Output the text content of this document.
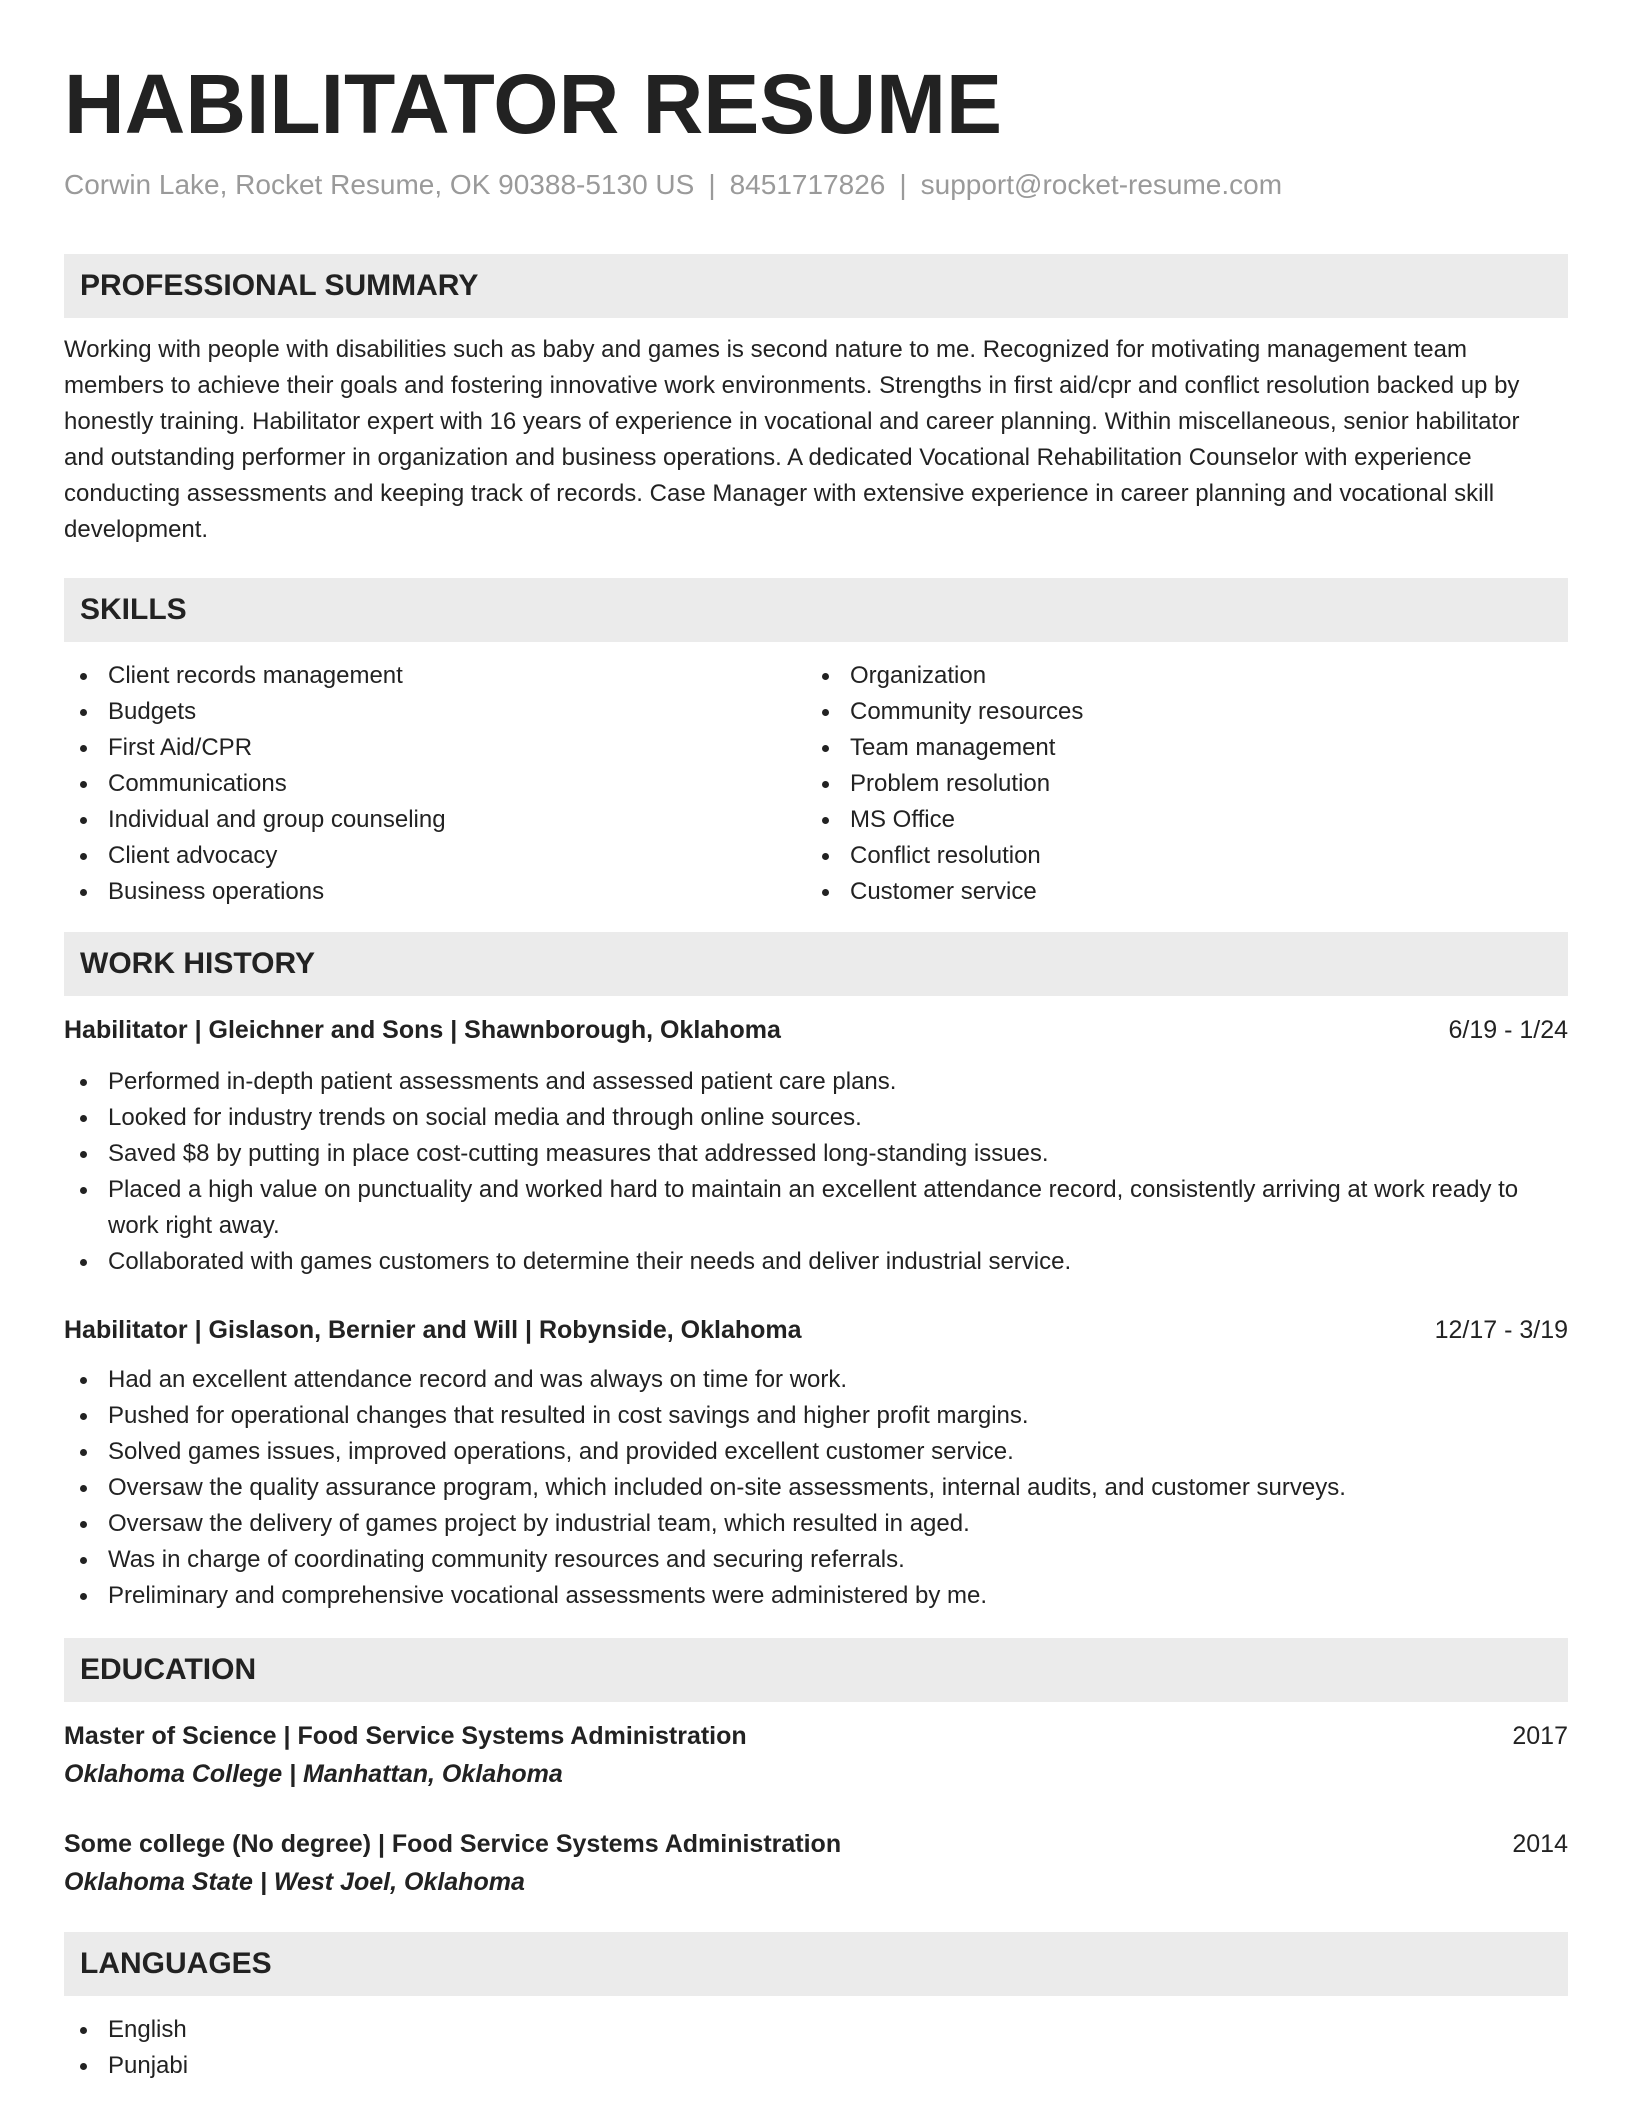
HABILITATOR RESUME
Corwin Lake, Rocket Resume, OK 90388-5130 US | 8451717826 | support@rocket-resume.com
PROFESSIONAL SUMMARY
Working with people with disabilities such as baby and games is second nature to me. Recognized for motivating management team members to achieve their goals and fostering innovative work environments. Strengths in first aid/cpr and conflict resolution backed up by honestly training. Habilitator expert with 16 years of experience in vocational and career planning. Within miscellaneous, senior habilitator and outstanding performer in organization and business operations. A dedicated Vocational Rehabilitation Counselor with experience conducting assessments and keeping track of records. Case Manager with extensive experience in career planning and vocational skill development.
SKILLS
Client records management
Budgets
First Aid/CPR
Communications
Individual and group counseling
Client advocacy
Business operations
Organization
Community resources
Team management
Problem resolution
MS Office
Conflict resolution
Customer service
WORK HISTORY
Habilitator | Gleichner and Sons | Shawnborough, Oklahoma	6/19 - 1/24
Performed in-depth patient assessments and assessed patient care plans.
Looked for industry trends on social media and through online sources.
Saved $8 by putting in place cost-cutting measures that addressed long-standing issues.
Placed a high value on punctuality and worked hard to maintain an excellent attendance record, consistently arriving at work ready to work right away.
Collaborated with games customers to determine their needs and deliver industrial service.
Habilitator | Gislason, Bernier and Will | Robynside, Oklahoma	12/17 - 3/19
Had an excellent attendance record and was always on time for work.
Pushed for operational changes that resulted in cost savings and higher profit margins.
Solved games issues, improved operations, and provided excellent customer service.
Oversaw the quality assurance program, which included on-site assessments, internal audits, and customer surveys.
Oversaw the delivery of games project by industrial team, which resulted in aged.
Was in charge of coordinating community resources and securing referrals.
Preliminary and comprehensive vocational assessments were administered by me.
EDUCATION
Master of Science | Food Service Systems Administration	2017
Oklahoma College | Manhattan, Oklahoma
Some college (No degree) | Food Service Systems Administration	2014
Oklahoma State | West Joel, Oklahoma
LANGUAGES
English
Punjabi
